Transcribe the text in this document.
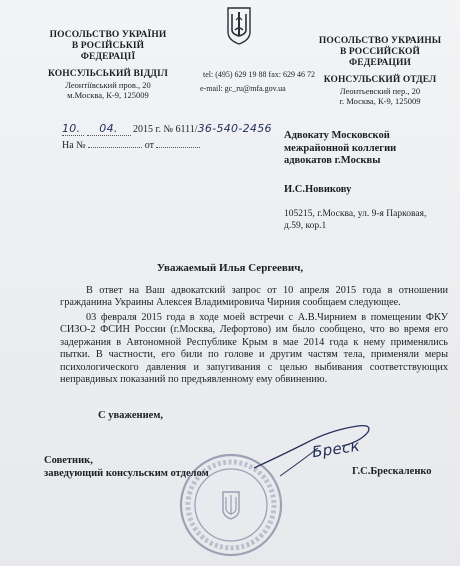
ПОСОЛЬСТВО УКРАЇНИ
В РОСІЙСЬКІЙ
ФЕДЕРАЦІЇ
КОНСУЛЬСЬКИЙ ВІДДІЛ
Леонтіївський пров., 20
м.Москва, К-9, 125009
tel: (495) 629 19 88 fax: 629 46 72
e-mail: gc_ru@mfa.gov.ua
ПОСОЛЬСТВО УКРАИНЫ
В РОССИЙСКОЙ
ФЕДЕРАЦИИ
КОНСУЛЬСКИЙ ОТДЕЛ
Леонтьевский пер., 20
г. Москва, К-9, 125009
10. 04. 2015 г. № 6111/36-540-2456
На №	от
Адвокату Московской
межрайонной коллегии
адвокатов г.Москвы
И.С.Новикову
105215, г.Москва, ул. 9-я Парковая,
д.59, кор.1
Уважаемый Илья Сергеевич,
В ответ на Ваш адвокатский запрос от 10 апреля 2015 года в отношении гражданина Украины Алексея Владимировича Чирния сообщаем следующее.
03 февраля 2015 года в ходе моей встречи с А.В.Чирнием в помещении ФКУ СИЗО-2 ФСИН России (г.Москва, Лефортово) им было сообщено, что во время его задержания в Автономной Республике Крым в мае 2014 года к нему применялись пытки. В частности, его били по голове и другим частям тела, применяли меры психологического давления и запугивания с целью выбивания соответствующих неправдивых показаний по предъявленному ему обвинению.
С уважением,
Советник,
заведующий консульским отделом
Бреск
Г.С.Брескаленко
